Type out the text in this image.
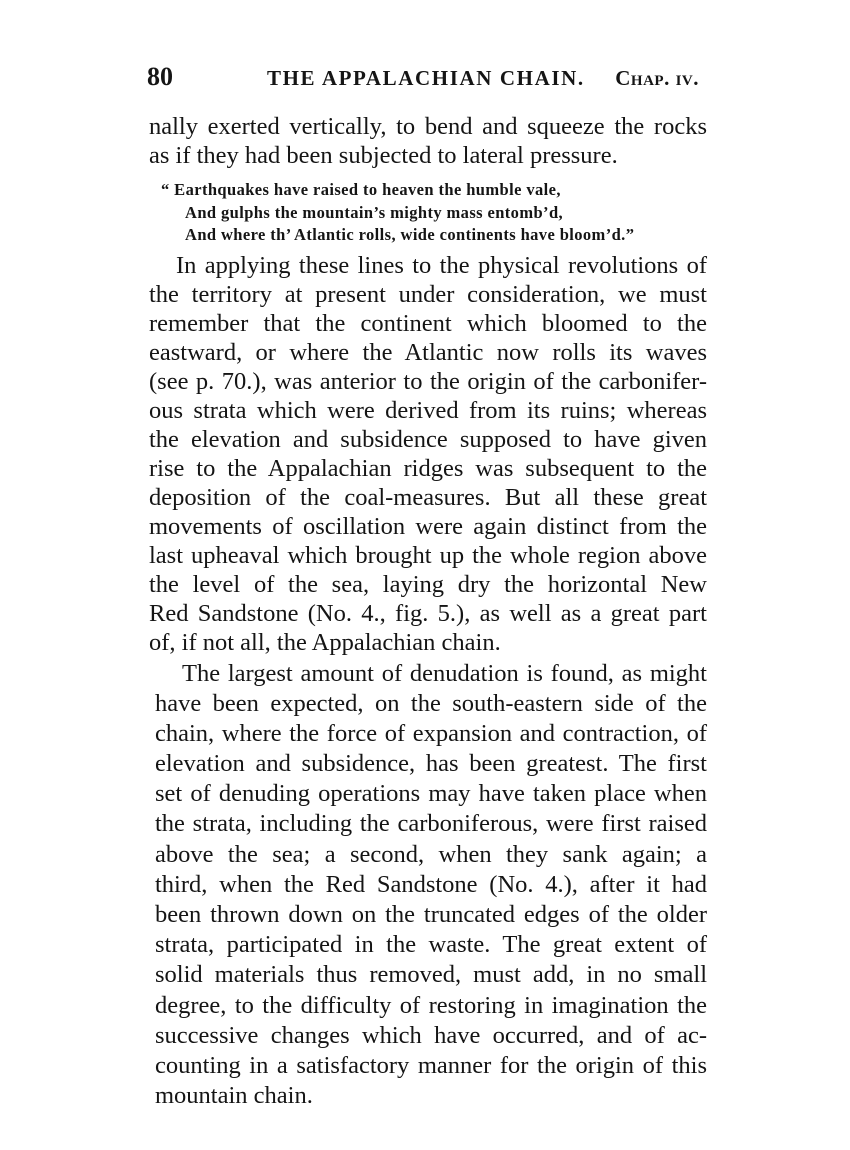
80	THE APPALACHIAN CHAIN. Chap. iv.
nally exerted vertically, to bend and squeeze the rocks
as if they had been subjected to lateral pressure.
“ Earthquakes have raised to heaven the humble vale,
And gulphs the mountain’s mighty mass entomb’d,
And where th’ Atlantic rolls, wide continents have bloom’d.”
In applying these lines to the physical revolutions of
the territory at present under consideration, we must
remember that the continent which bloomed to the
eastward, or where the Atlantic now rolls its waves
(see p. 70.), was anterior to the origin of the carbonifer-
ous strata which were derived from its ruins; whereas
the elevation and subsidence supposed to have given
rise to the Appalachian ridges was subsequent to the
deposition of the coal-measures. But all these great
movements of oscillation were again distinct from the
last upheaval which brought up the whole region above
the level of the sea, laying dry the horizontal New
Red Sandstone (No. 4., fig. 5.), as well as a great part
of, if not all, the Appalachian chain.
The largest amount of denudation is found, as might
have been expected, on the south-eastern side of the
chain, where the force of expansion and contraction, of
elevation and subsidence, has been greatest. The first
set of denuding operations may have taken place when
the strata, including the carboniferous, were first raised
above the sea; a second, when they sank again; a
third, when the Red Sandstone (No. 4.), after it had
been thrown down on the truncated edges of the older
strata, participated in the waste. The great extent of
solid materials thus removed, must add, in no small
degree, to the difficulty of restoring in imagination the
successive changes which have occurred, and of ac-
counting in a satisfactory manner for the origin of this
mountain chain.
